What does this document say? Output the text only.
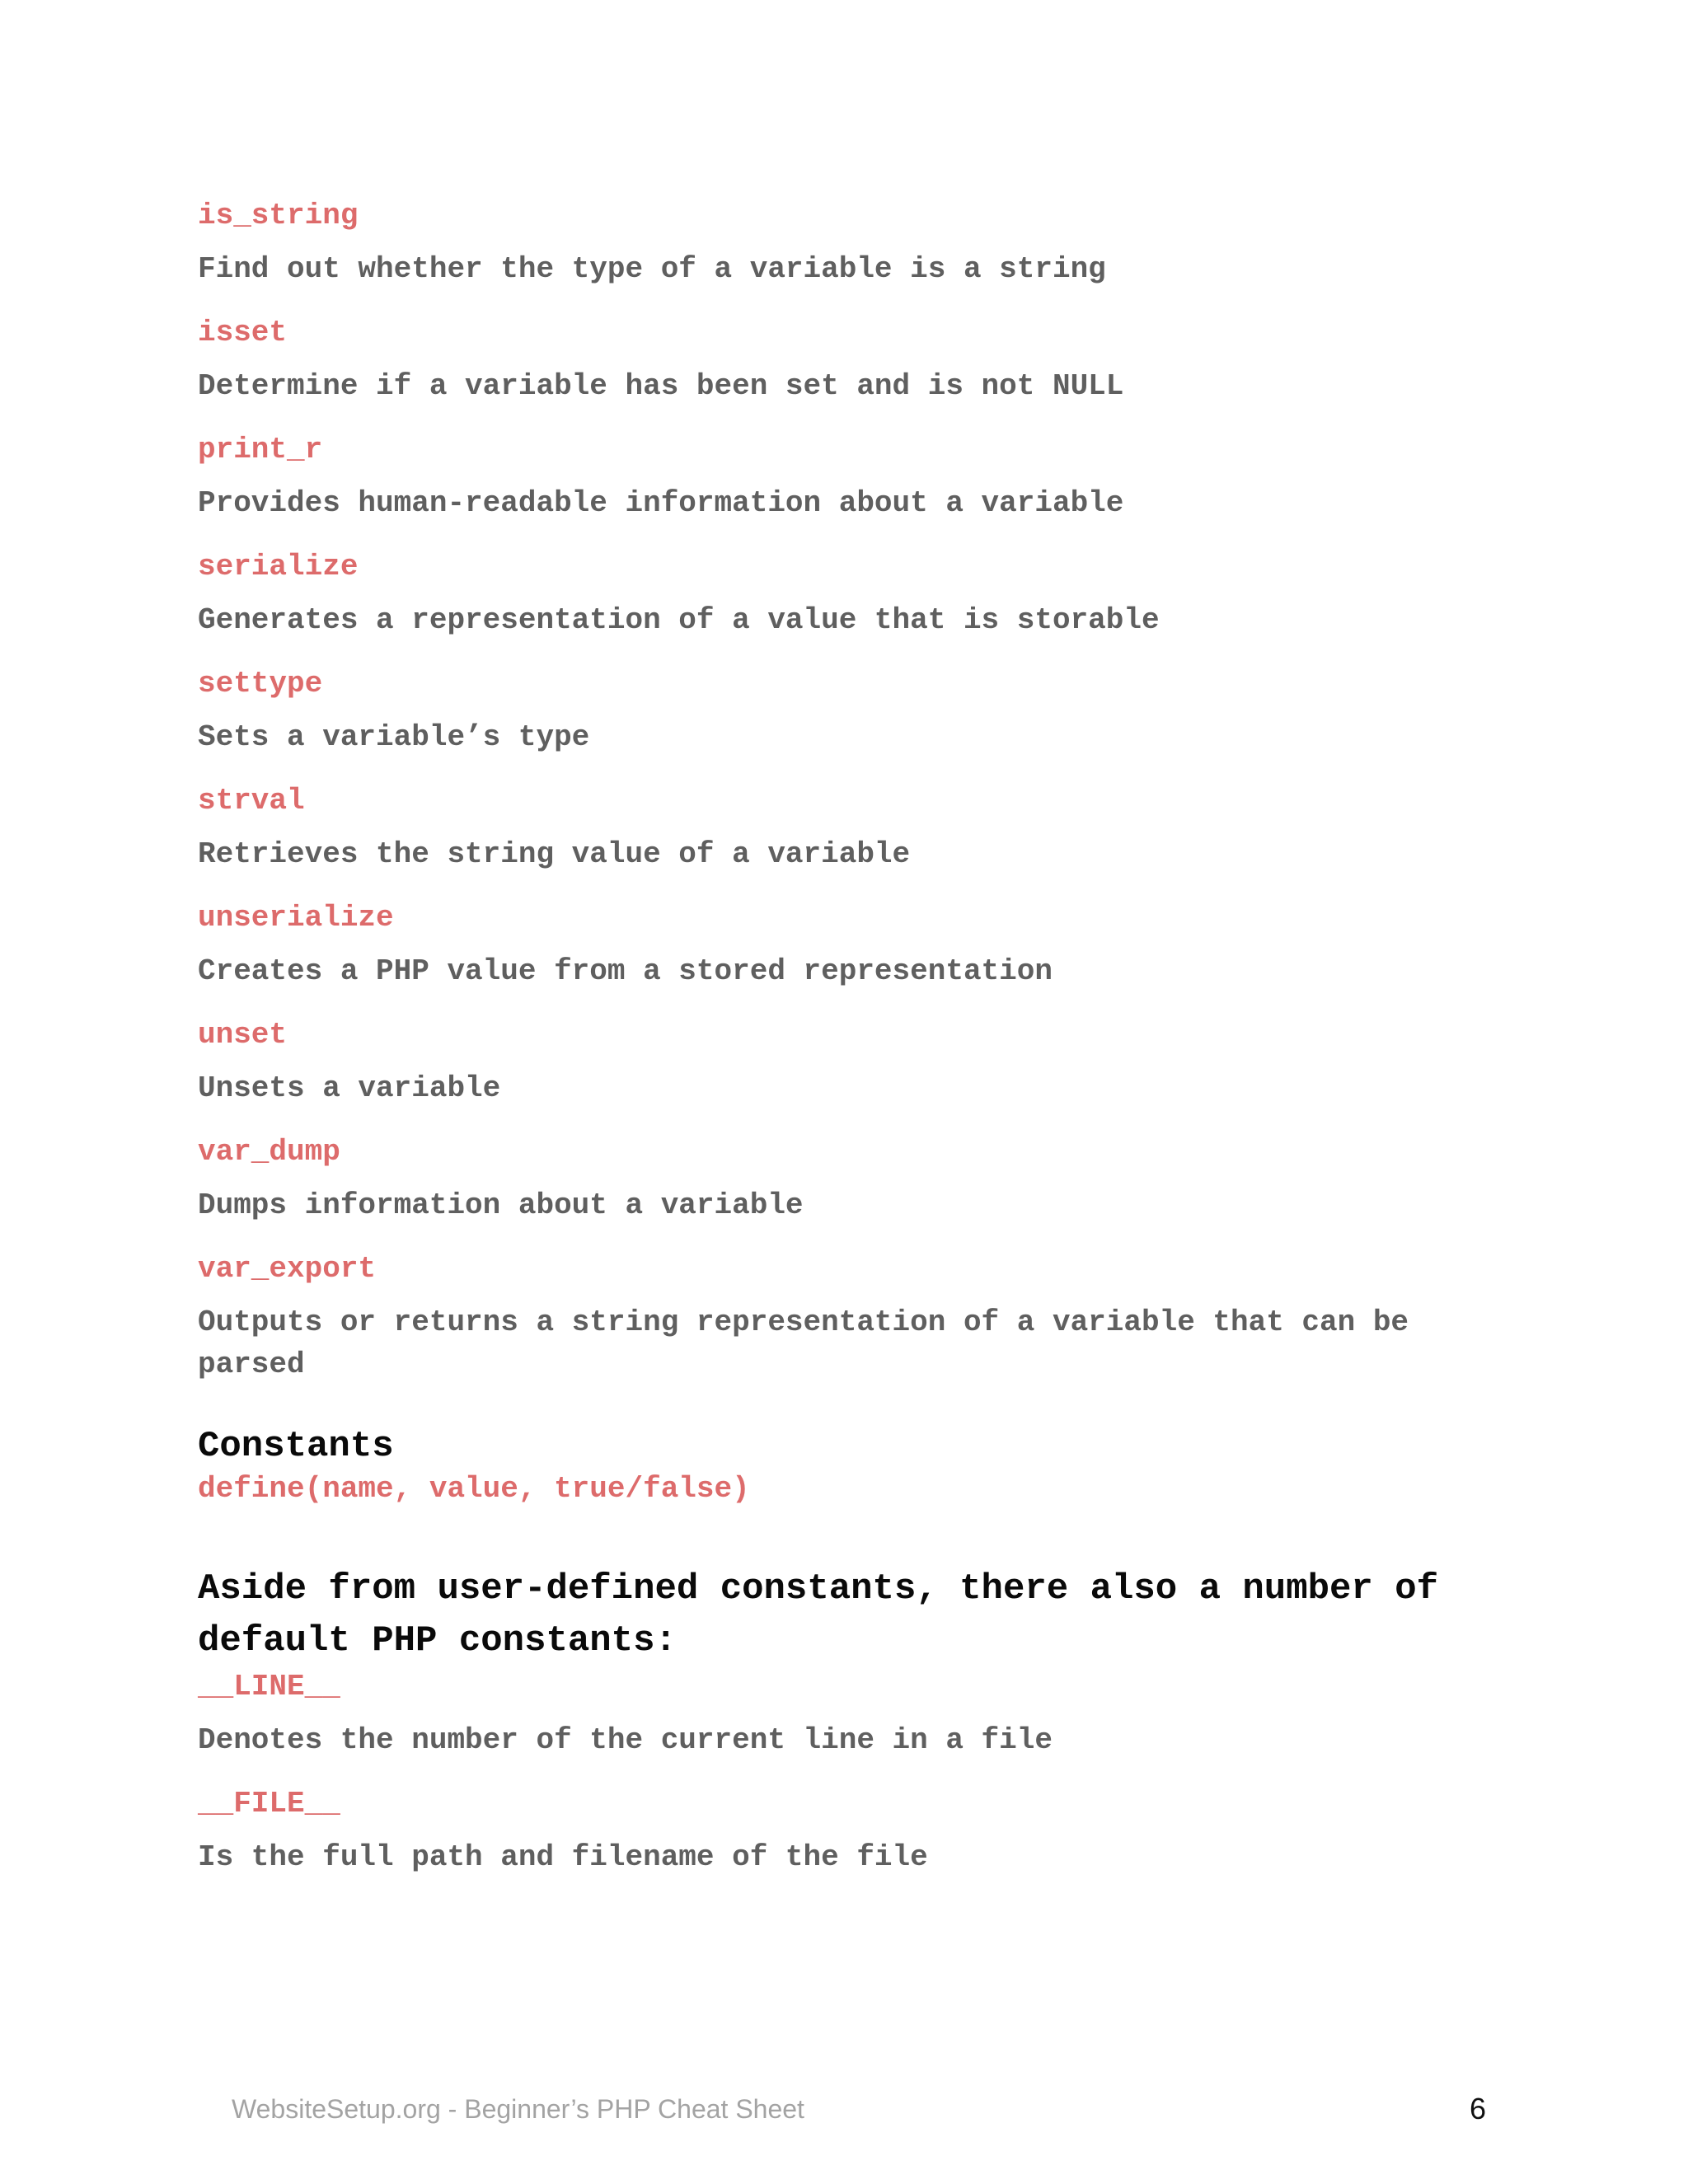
is_string

Find out whether the type of a variable is a string

isset

Determine if a variable has been set and is not NULL

print_r

Provides human-readable information about a variable

serialize

Generates a representation of a value that is storable

settype

Sets a variable’s type

strval

Retrieves the string value of a variable

unserialize

Creates a PHP value from a stored representation

unset

Unsets a variable

var_dump

Dumps information about a variable

var_export

Outputs or returns a string representation of a variable that can be parsed

Constants

define(name, value, true/false)

Aside from user-defined constants, there also a number of default PHP constants:

__LINE__

Denotes the number of the current line in a file

__FILE__

Is the full path and filename of the file

WebsiteSetup.org - Beginner’s PHP Cheat Sheet	6
